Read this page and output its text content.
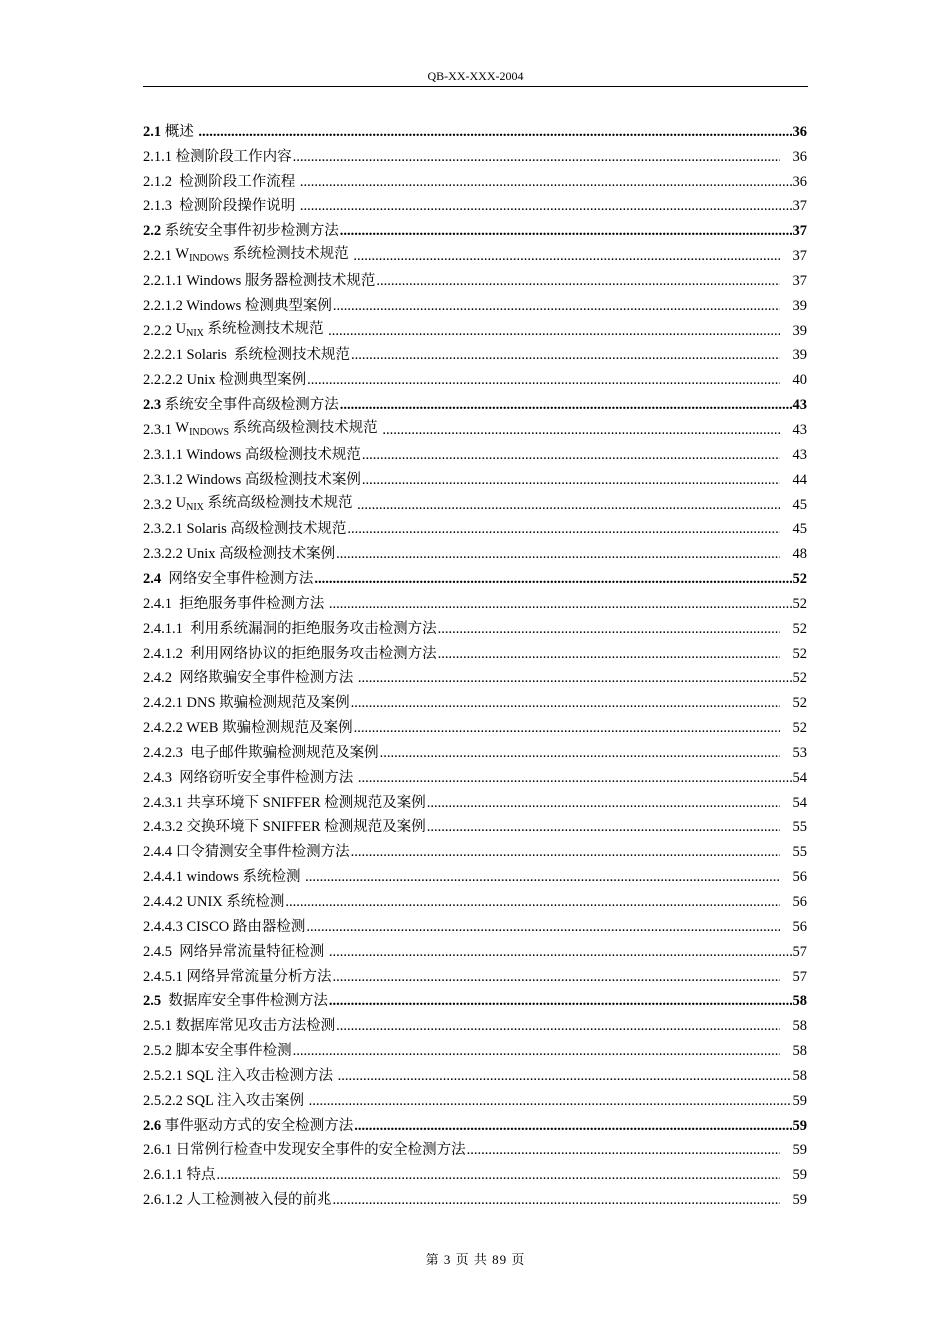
QB-XX-XXX-2004
2.1 概述 .....	36
2.1.1 检测阶段工作内容 .....	36
2.1.2 检测阶段工作流程 .....	36
2.1.3 检测阶段操作说明 .....	37
2.2 系统安全事件初步检测方法 .....	37
2.2.1 $W_{INDOWS}$ 系统检测技术规范 .....	37
2.2.1.1 Windows 服务器检测技术规范 .....	37
2.2.1.2 Windows 检测典型案例 .....	39
2.2.2 $U_{NIX}$ 系统检测技术规范 .....	39
2.2.2.1 Solaris  系统检测技术规范 .....	39
2.2.2.2 Unix 检测典型案例 .....	40
2.3 系统安全事件高级检测方法 .....	43
2.3.1 $W_{INDOWS}$ 系统高级检测技术规范 .....	43
2.3.1.1 Windows 高级检测技术规范 .....	43
2.3.1.2 Windows 高级检测技术案例 .....	44
2.3.2 $U_{NIX}$ 系统高级检测技术规范 .....	45
2.3.2.1 Solaris 高级检测技术规范 .....	45
2.3.2.2 Unix 高级检测技术案例 .....	48
2.4 网络安全事件检测方法 .....	52
2.4.1 拒绝服务事件检测方法 .....	52
2.4.1.1 利用系统漏洞的拒绝服务攻击检测方法 .....	52
2.4.1.2 利用网络协议的拒绝服务攻击检测方法 .....	52
2.4.2 网络欺骗安全事件检测方法 .....	52
2.4.2.1 DNS 欺骗检测规范及案例 .....	52
2.4.2.2 WEB 欺骗检测规范及案例 .....	52
2.4.2.3 电子邮件欺骗检测规范及案例 .....	53
2.4.3 网络窃听安全事件检测方法 .....	54
2.4.3.1 共享环境下 SNIFFER 检测规范及案例 .....	54
2.4.3.2 交换环境下 SNIFFER 检测规范及案例 .....	55
2.4.4 口令猜测安全事件检测方法 .....	55
2.4.4.1 windows 系统检测 .....	56
2.4.4.2 UNIX 系统检测 .....	56
2.4.4.3 CISCO 路由器检测 .....	56
2.4.5 网络异常流量特征检测 .....	57
2.4.5.1 网络异常流量分析方法 .....	57
2.5 数据库安全事件检测方法 .....	58
2.5.1 数据库常见攻击方法检测 .....	58
2.5.2 脚本安全事件检测 .....	58
2.5.2.1 SQL 注入攻击检测方法 .....	58
2.5.2.2 SQL 注入攻击案例 .....	59
2.6 事件驱动方式的安全检测方法 .....	59
2.6.1 日常例行检查中发现安全事件的安全检测方法 .....	59
2.6.1.1 特点 .....	59
2.6.1.2 人工检测被入侵的前兆 .....	59
第 3 页 共 89 页
